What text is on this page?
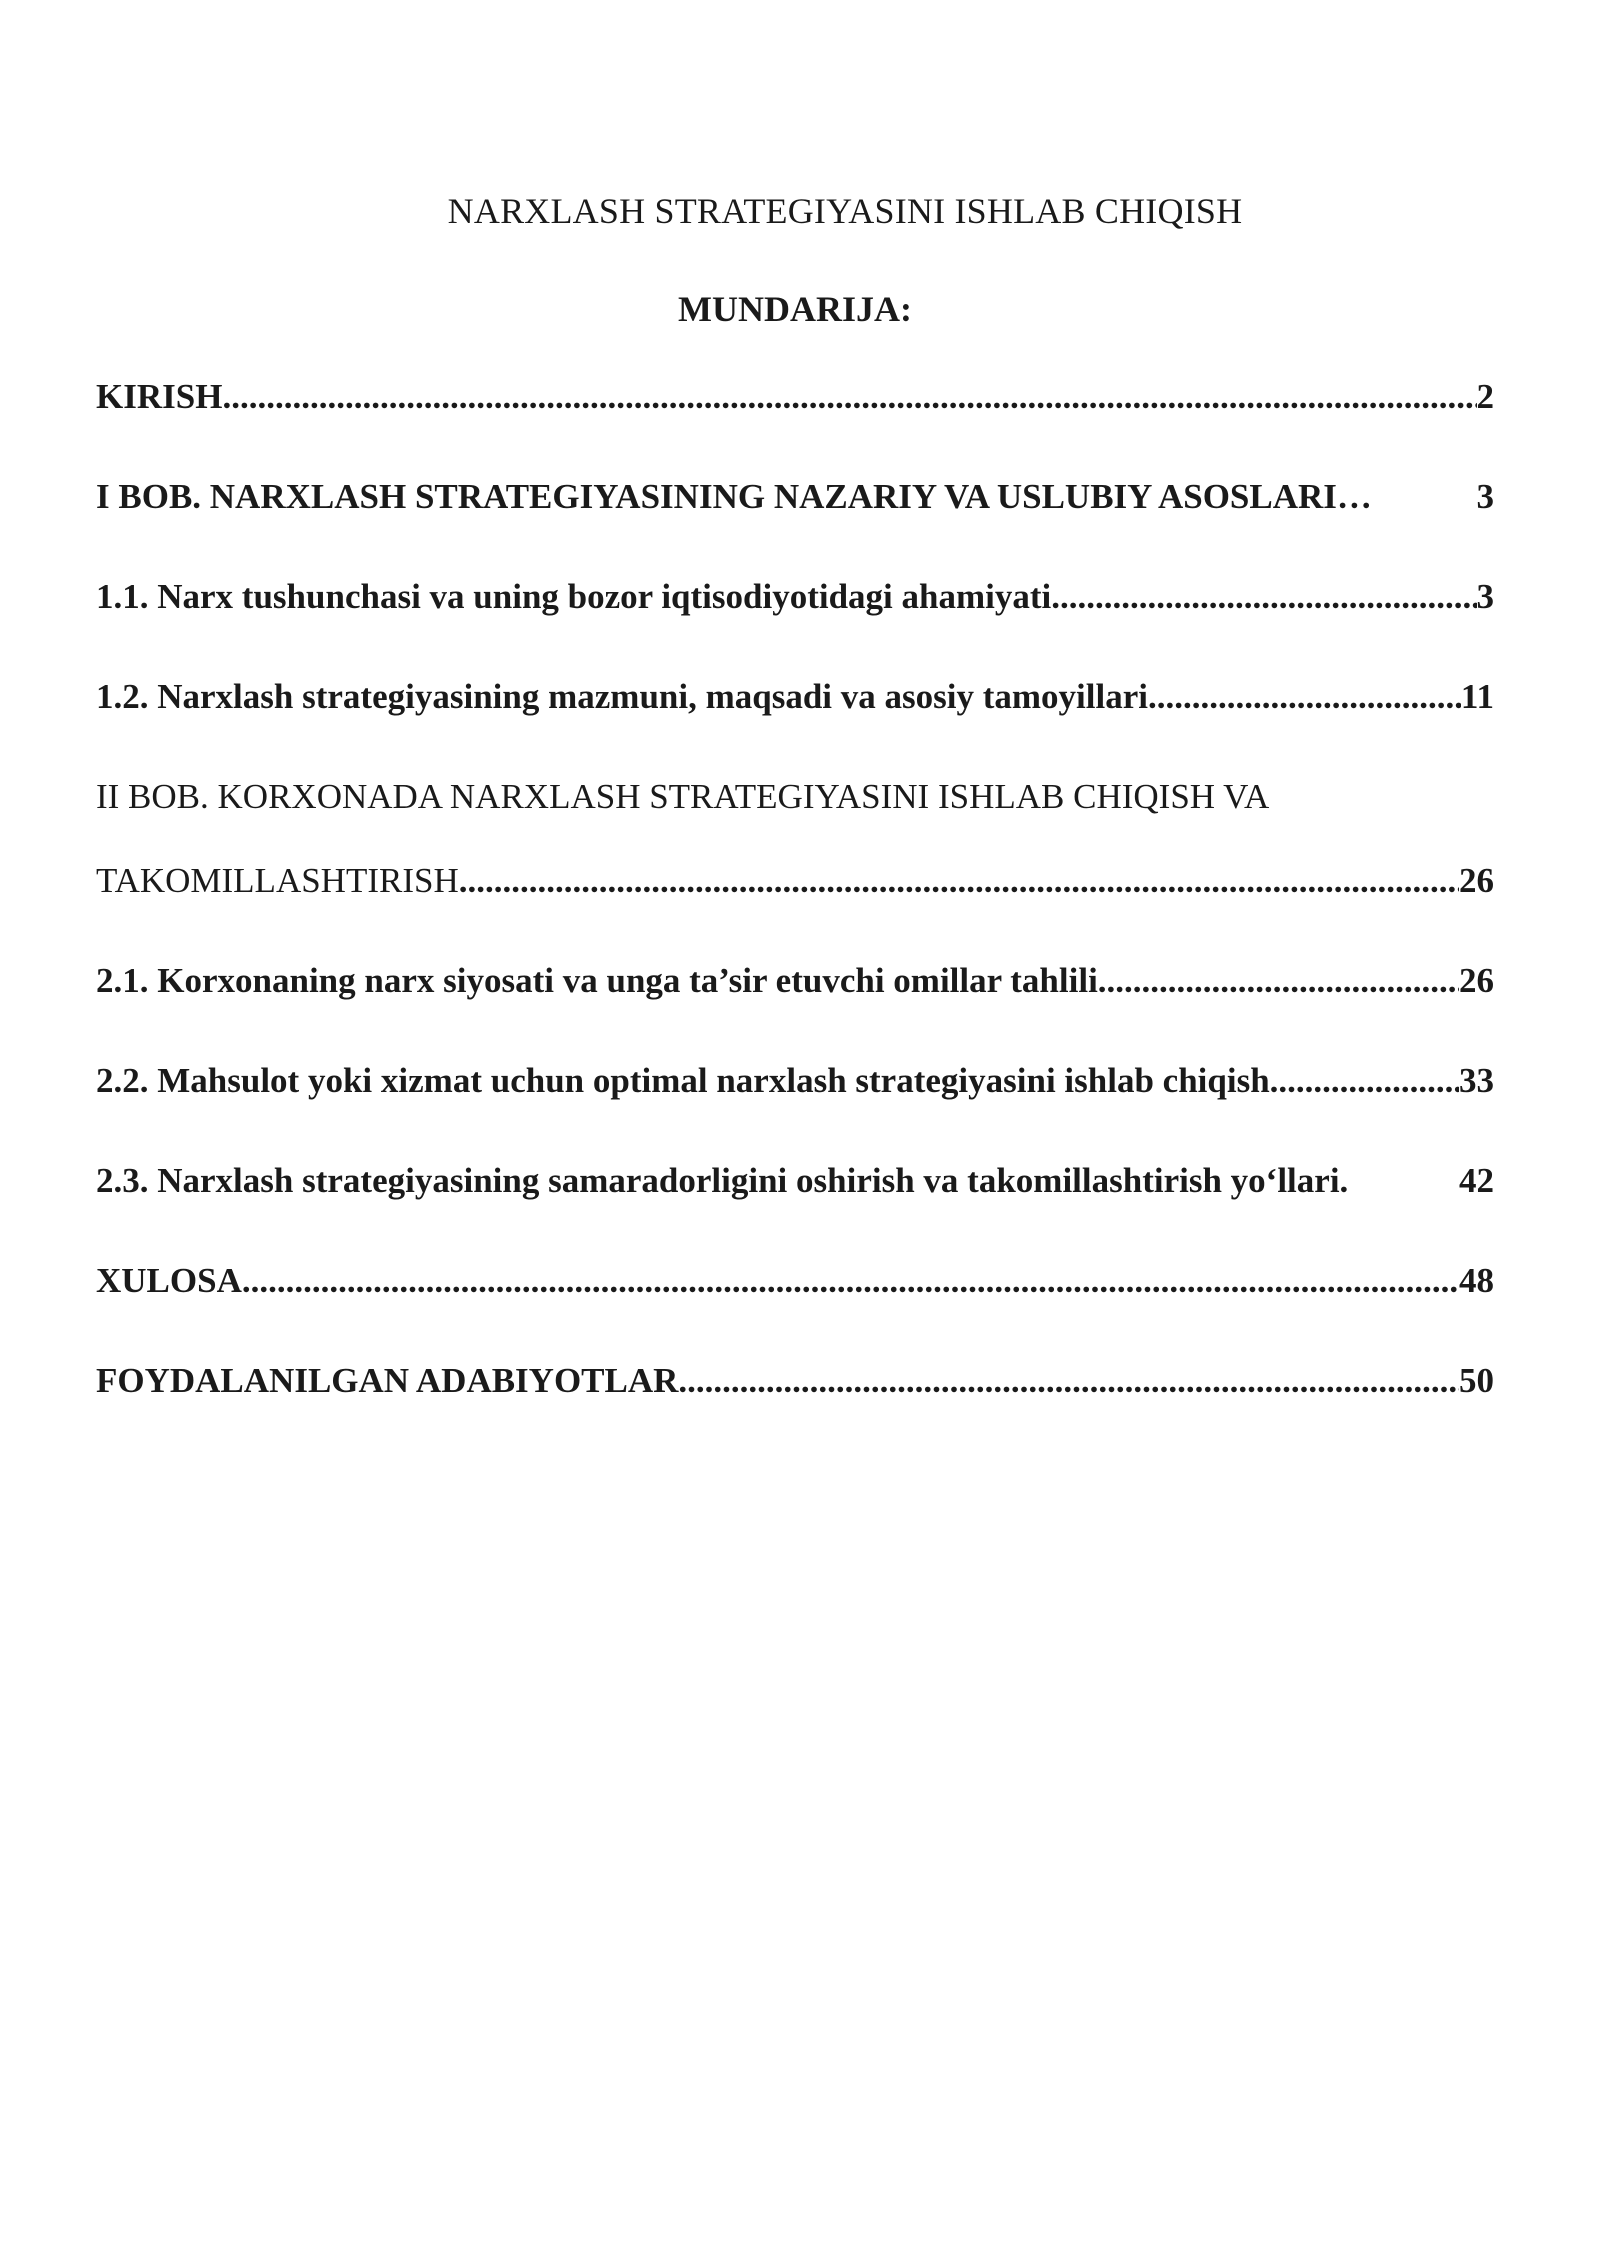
NARXLASH STRATEGIYASINI ISHLAB CHIQISH
MUNDARIJA:
KIRISH .....	2
I BOB. NARXLASH STRATEGIYASINING NAZARIY VA USLUBIY ASOSLARI…	3
1.1. Narx tushunchasi va uning bozor iqtisodiyotidagi ahamiyati .....	3
1.2. Narxlash strategiyasining mazmuni, maqsadi va asosiy tamoyillari .....	11
II BOB. KORXONADA NARXLASH STRATEGIYASINI ISHLAB CHIQISH VA
TAKOMILLASHTIRISH .....	26
2.1. Korxonaning narx siyosati va unga ta’sir etuvchi omillar tahlili .....	26
2.2. Mahsulot yoki xizmat uchun optimal narxlash strategiyasini ishlab chiqish .....	33
2.3. Narxlash strategiyasining samaradorligini oshirish va takomillashtirish yo‘llari.	42
XULOSA .....	48
FOYDALANILGAN ADABIYOTLAR .....	50
